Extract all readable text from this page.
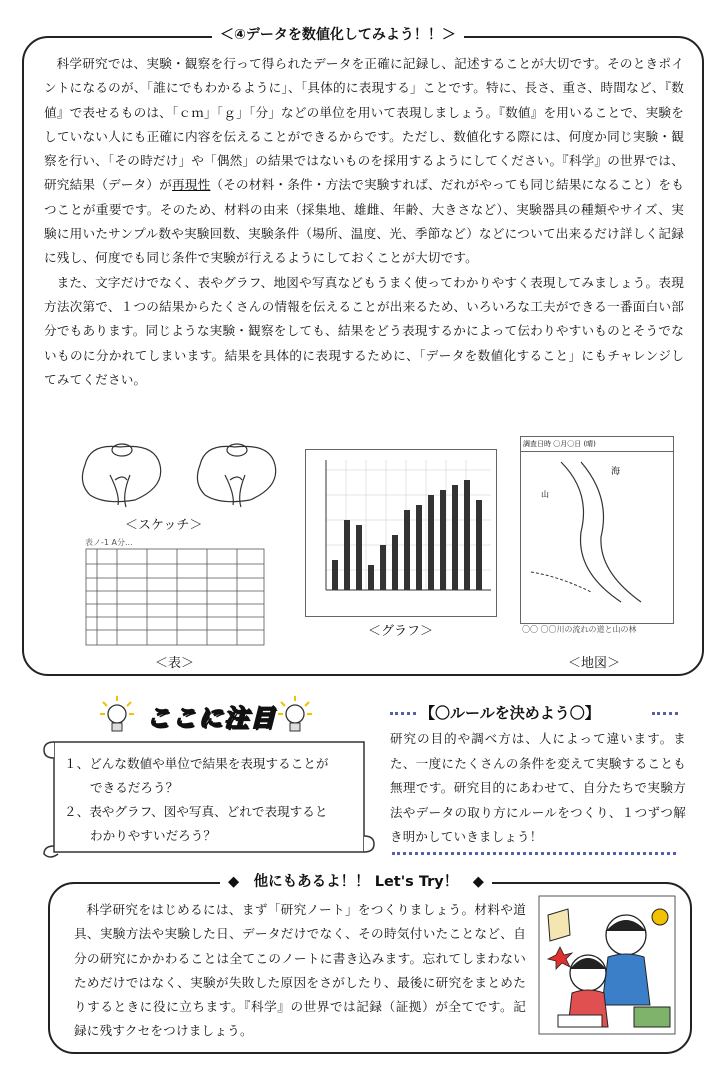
＜④データを数値化してみよう！！＞

科学研究では、実験・観察を行って得られたデータを正確に記録し、記述することが大切です。そのときポイントになるのが、「誰にでもわかるように」、「具体的に表現する」ことです。特に、長さ、重さ、時間など、『数値』で表せるものは、「ｃｍ」「ｇ」「分」などの単位を用いて表現しましょう。『数値』を用いることで、実験をしていない人にも正確に内容を伝えることができるからです。ただし、数値化する際には、何度か同じ実験・観察を行い、「その時だけ」や「偶然」の結果ではないものを採用するようにしてください。『科学』の世界では、研究結果（データ）が再現性（その材料・条件・方法で実験すれば、だれがやっても同じ結果になること）をもつことが重要です。そのため、材料の由来（採集地、雄雌、年齢、大きさなど）、実験器具の種類やサイズ、実験に用いたサンプル数や実験回数、実験条件（場所、温度、光、季節など）などについて出来るだけ詳しく記録に残し、何度でも同じ条件で実験が行えるようにしておくことが大切です。

また、文字だけでなく、表やグラフ、地図や写真などもうまく使ってわかりやすく表現してみましょう。表現方法次第で、１つの結果からたくさんの情報を伝えることが出来るため、いろいろな工夫ができる一番面白い部分でもあります。同じような実験・観察をしても、結果をどう表現するかによって伝わりやすいものとそうでないものに分かれてしまいます。結果を具体的に表現するために、「データを数値化すること」にもチャレンジしてみてください。

＜スケッチ＞
表ノ-1 A分...
＜表＞
＜グラフ＞
調査日時 〇月〇日 (晴)
海
山
〇〇 〇〇川の流れの道と山の林
＜地図＞
ここに注目
１、どんな数値や単位で結果を表現することが
できるだろう？
２、表やグラフ、図や写真、どれで表現すると
わかりやすいだろう？
【〇ルールを決めよう〇】
研究の目的や調べ方は、人によって違います。また、一度にたくさんの条件を変えて実験することも無理です。研究目的にあわせて、自分たちで実験方法やデータの取り方にルールをつくり、１つずつ解き明かしていきましょう！
◆　他にもあるよ！！ Let's Try！　◆
科学研究をはじめるには、まず「研究ノート」をつくりましょう。材料や道具、実験方法や実験した日、データだけでなく、その時気付いたことなど、自分の研究にかかわることは全てこのノートに書き込みます。忘れてしまわないためだけではなく、実験が失敗した原因をさがしたり、最後に研究をまとめたりするときに役に立ちます。『科学』の世界では記録（証拠）が全てです。記録に残すクセをつけましょう。
